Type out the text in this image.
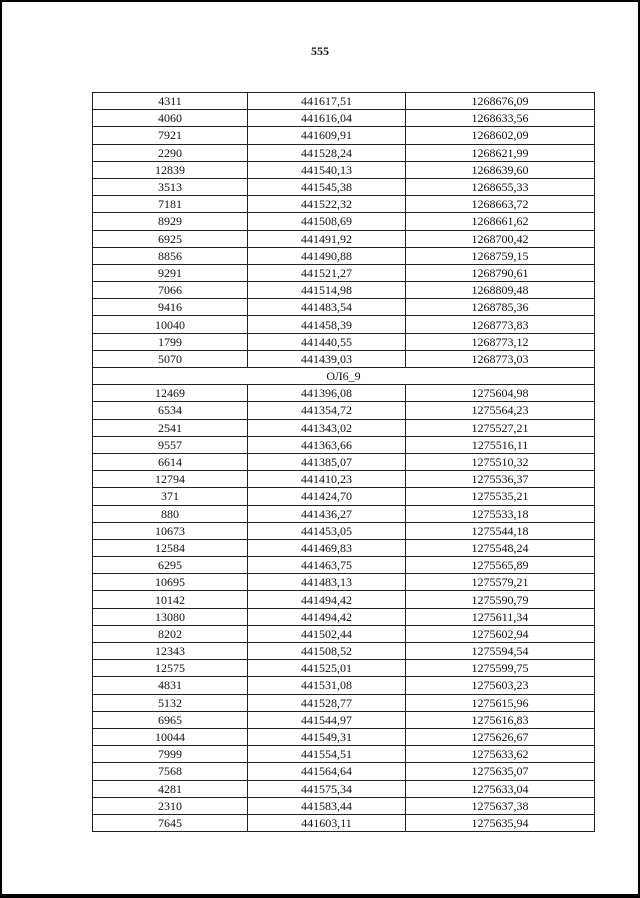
555
4311	441617,51	1268676,09
4060	441616,04	1268633,56
7921	441609,91	1268602,09
2290	441528,24	1268621,99
12839	441540,13	1268639,60
3513	441545,38	1268655,33
7181	441522,32	1268663,72
8929	441508,69	1268661,62
6925	441491,92	1268700,42
8856	441490,88	1268759,15
9291	441521,27	1268790,61
7066	441514,98	1268809,48
9416	441483,54	1268785,36
10040	441458,39	1268773,83
1799	441440,55	1268773,12
5070	441439,03	1268773,03
ОЛ6_9		
12469	441396,08	1275604,98
6534	441354,72	1275564,23
2541	441343,02	1275527,21
9557	441363,66	1275516,11
6614	441385,07	1275510,32
12794	441410,23	1275536,37
371	441424,70	1275535,21
880	441436,27	1275533,18
10673	441453,05	1275544,18
12584	441469,83	1275548,24
6295	441463,75	1275565,89
10695	441483,13	1275579,21
10142	441494,42	1275590,79
13080	441494,42	1275611,34
8202	441502,44	1275602,94
12343	441508,52	1275594,54
12575	441525,01	1275599,75
4831	441531,08	1275603,23
5132	441528,77	1275615,96
6965	441544,97	1275616,83
10044	441549,31	1275626,67
7999	441554,51	1275633,62
7568	441564,64	1275635,07
4281	441575,34	1275633,04
2310	441583,44	1275637,38
7645	441603,11	1275635,94
